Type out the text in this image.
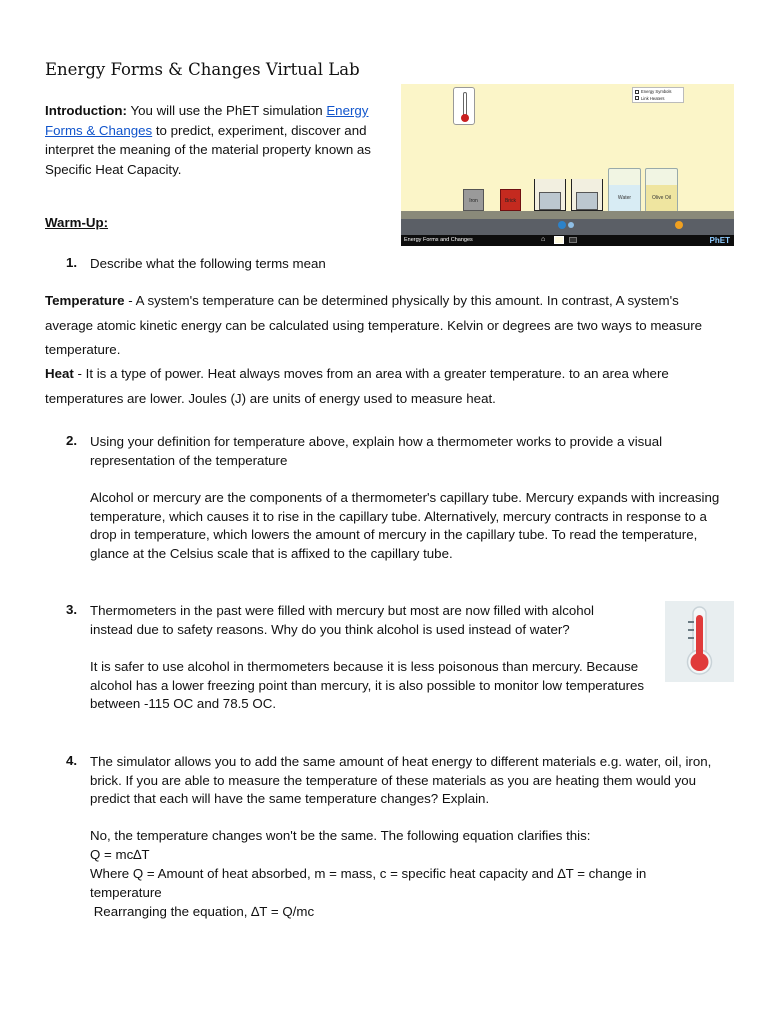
Energy Forms & Changes Virtual Lab
Introduction: You will use the PhET simulation Energy Forms & Changes to predict, experiment, discover and interpret the meaning of the material property known as Specific Heat Capacity.
Energy Symbols
Link Heaters
Iron	Brick	Water	Olive Oil
Energy Forms and Changes	⌂	PhET
Warm-Up:
1. Describe what the following terms mean
Temperature - A system's temperature can be determined physically by this amount. In contrast, A system's average atomic kinetic energy can be calculated using temperature. Kelvin or degrees are two ways to measure temperature.
Heat - It is a type of power. Heat always moves from an area with a greater temperature. to an area where temperatures are lower. Joules (J) are units of energy used to measure heat.
2. Using your definition for temperature above, explain how a thermometer works to provide a visual representation of the temperature
Alcohol or mercury are the components of a thermometer's capillary tube. Mercury expands with increasing temperature, which causes it to rise in the capillary tube. Alternatively, mercury contracts in response to a drop in temperature, which lowers the amount of mercury in the capillary tube. To read the temperature, glance at the Celsius scale that is affixed to the capillary tube.
3. Thermometers in the past were filled with mercury but most are now filled with alcohol instead due to safety reasons. Why do you think alcohol is used instead of water?
It is safer to use alcohol in thermometers because it is less poisonous than mercury. Because alcohol has a lower freezing point than mercury, it is also possible to monitor low temperatures between -115 OC and 78.5 OC.
4. The simulator allows you to add the same amount of heat energy to different materials e.g. water, oil, iron, brick. If you are able to measure the temperature of these materials as you are heating them would you predict that each will have the same temperature changes? Explain.
No, the temperature changes won't be the same. The following equation clarifies this:
Q = mc∆T
Where Q = Amount of heat absorbed, m = mass, c = specific heat capacity and ∆T = change in temperature
Rearranging the equation, ∆T = Q/mc
